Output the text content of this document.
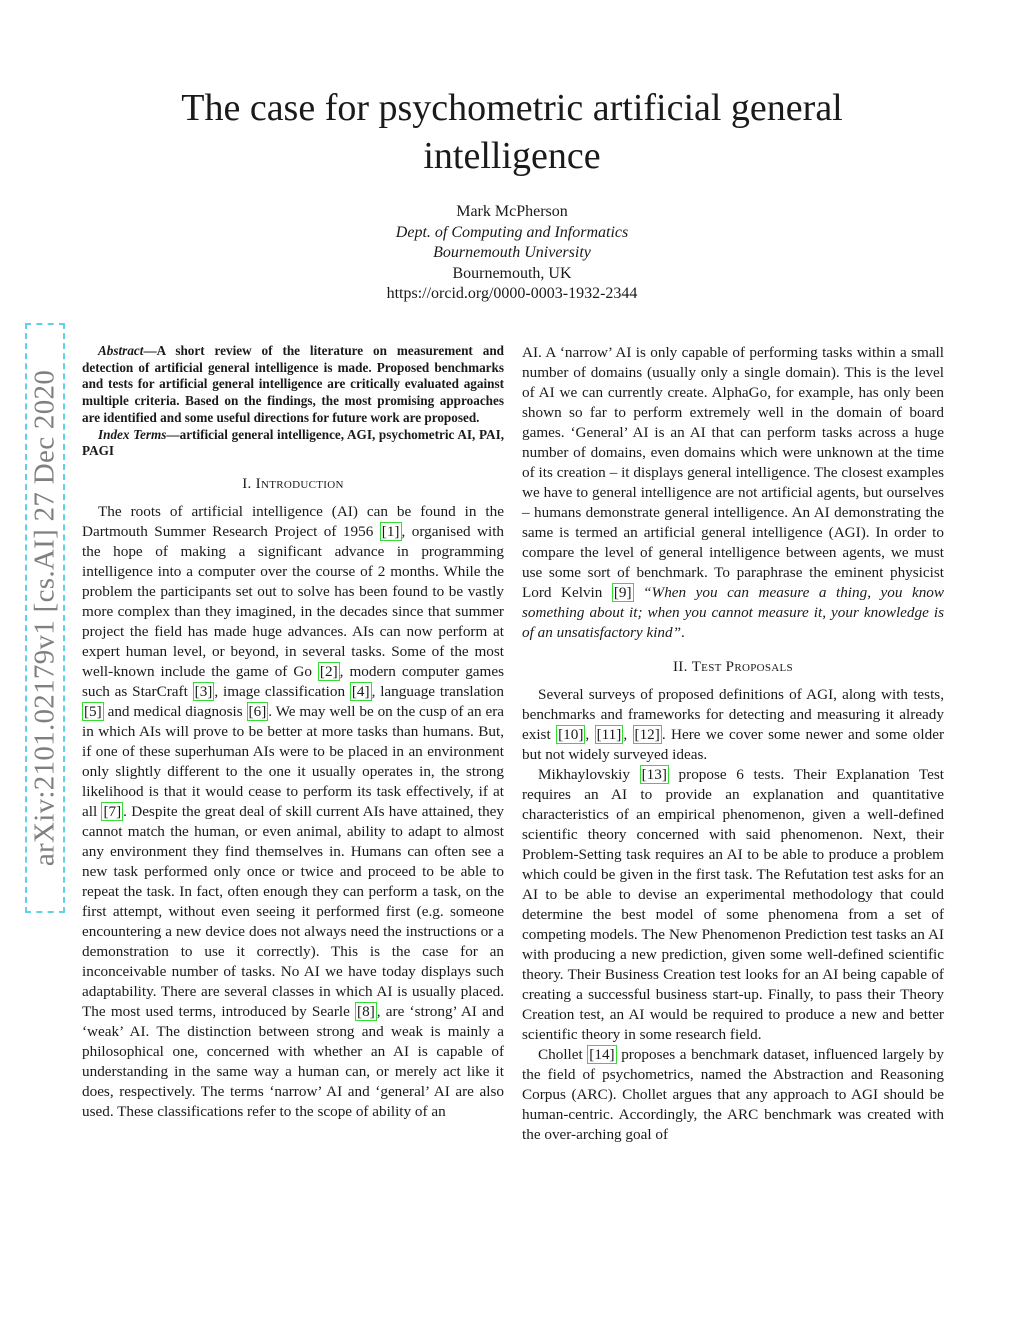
The case for psychometric artificial general intelligence
Mark McPherson
Dept. of Computing and Informatics
Bournemouth University
Bournemouth, UK
https://orcid.org/0000-0003-1932-2344
arXiv:2101.02179v1 [cs.AI] 27 Dec 2020

Abstract—A short review of the literature on measurement and detection of artificial general intelligence is made. Proposed benchmarks and tests for artificial general intelligence are critically evaluated against multiple criteria. Based on the findings, the most promising approaches are identified and some useful directions for future work are proposed.

Index Terms—artificial general intelligence, AGI, psychometric AI, PAI, PAGI

I. Introduction

The roots of artificial intelligence (AI) can be found in the Dartmouth Summer Research Project of 1956 [1] , organised with the hope of making a significant advance in programming intelligence into a computer over the course of 2 months. While the problem the participants set out to solve has been found to be vastly more complex than they imagined, in the decades since that summer project the field has made huge advances. AIs can now perform at expert human level, or beyond, in several tasks. Some of the most well-known include the game of Go [2] , modern computer games such as StarCraft [3] , image classification [4] , language translation [5] and medical diagnosis [6] . We may well be on the cusp of an era in which AIs will prove to be better at more tasks than humans. But, if one of these superhuman AIs were to be placed in an environment only slightly different to the one it usually operates in, the strong likelihood is that it would cease to perform its task effectively, if at all [7] . Despite the great deal of skill current AIs have attained, they cannot match the human, or even animal, ability to adapt to almost any environment they find themselves in. Humans can often see a new task performed only once or twice and proceed to be able to repeat the task. In fact, often enough they can perform a task, on the first attempt, without even seeing it performed first (e.g. someone encountering a new device does not always need the instructions or a demonstration to use it correctly). This is the case for an inconceivable number of tasks. No AI we have today displays such adaptability. There are several classes in which AI is usually placed. The most used terms, introduced by Searle [8] , are ‘strong’ AI and ‘weak’ AI. The distinction between strong and weak is mainly a philosophical one, concerned with whether an AI is capable of understanding in the same way a human can, or merely act like it does, respectively. The terms ‘narrow’ AI and ‘general’ AI are also used. These classifications refer to the scope of ability of an

AI. A ‘narrow’ AI is only capable of performing tasks within a small number of domains (usually only a single domain). This is the level of AI we can currently create. AlphaGo, for example, has only been shown so far to perform extremely well in the domain of board games. ‘General’ AI is an AI that can perform tasks across a huge number of domains, even domains which were unknown at the time of its creation – it displays general intelligence. The closest examples we have to general intelligence are not artificial agents, but ourselves – humans demonstrate general intelligence. An AI demonstrating the same is termed an artificial general intelligence (AGI). In order to compare the level of general intelligence between agents, we must use some sort of benchmark. To paraphrase the eminent physicist Lord Kelvin [9] “When you can measure a thing, you know something about it; when you cannot measure it, your knowledge is of an unsatisfactory kind”.

II. Test Proposals

Several surveys of proposed definitions of AGI, along with tests, benchmarks and frameworks for detecting and measuring it already exist [10] , [11] , [12] . Here we cover some newer and some older but not widely surveyed ideas.

Mikhaylovskiy [13] propose 6 tests. Their Explanation Test requires an AI to provide an explanation and quantitative characteristics of an empirical phenomenon, given a well-defined scientific theory concerned with said phenomenon. Next, their Problem-Setting task requires an AI to be able to produce a problem which could be given in the first task. The Refutation test asks for an AI to be able to devise an experimental methodology that could determine the best model of some phenomena from a set of competing models. The New Phenomenon Prediction test tasks an AI with producing a new prediction, given some well-defined scientific theory. Their Business Creation test looks for an AI being capable of creating a successful business start-up. Finally, to pass their Theory Creation test, an AI would be required to produce a new and better scientific theory in some research field.

Chollet [14] proposes a benchmark dataset, influenced largely by the field of psychometrics, named the Abstraction and Reasoning Corpus (ARC). Chollet argues that any approach to AGI should be human-centric. Accordingly, the ARC benchmark was created with the over-arching goal of
